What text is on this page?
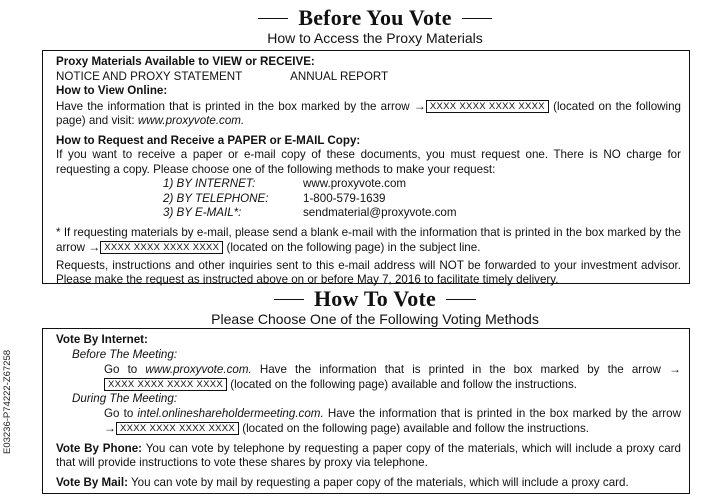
E03236-P74222-Z67258
Before You Vote
How to Access the Proxy Materials

Proxy Materials Available to VIEW or RECEIVE:

NOTICE AND PROXY STATEMENT	ANNUAL REPORT

How to View Online:

Have the information that is printed in the box marked by the arrow → XXXX XXXX XXXX XXXX (located on the following page) and visit: www.proxyvote.com.

How to Request and Receive a PAPER or E-MAIL Copy:

If you want to receive a paper or e-mail copy of these documents, you must request one. There is NO charge for requesting a copy. Please choose one of the following methods to make your request:

1) BY INTERNET:	www.proxyvote.com
2) BY TELEPHONE:	1-800-579-1639
3) BY E-MAIL*:	sendmaterial@proxyvote.com

* If requesting materials by e-mail, please send a blank e-mail with the information that is printed in the box marked by the arrow → XXXX XXXX XXXX XXXX (located on the following page) in the subject line.

Requests, instructions and other inquiries sent to this e-mail address will NOT be forwarded to your investment advisor. Please make the request as instructed above on or before May 7, 2016 to facilitate timely delivery.

How To Vote
Please Choose One of the Following Voting Methods

Vote By Internet:

Before The Meeting:

Go to www.proxyvote.com. Have the information that is printed in the box marked by the arrow →XXXX XXXX XXXX XXXX (located on the following page) available and follow the instructions.

During The Meeting:

Go to intel.onlineshareholdermeeting.com. Have the information that is printed in the box marked by the arrow → XXXX XXXX XXXX XXXX (located on the following page) available and follow the instructions.

Vote By Phone: You can vote by telephone by requesting a paper copy of the materials, which will include a proxy card that will provide instructions to vote these shares by proxy via telephone.

Vote By Mail: You can vote by mail by requesting a paper copy of the materials, which will include a proxy card.
